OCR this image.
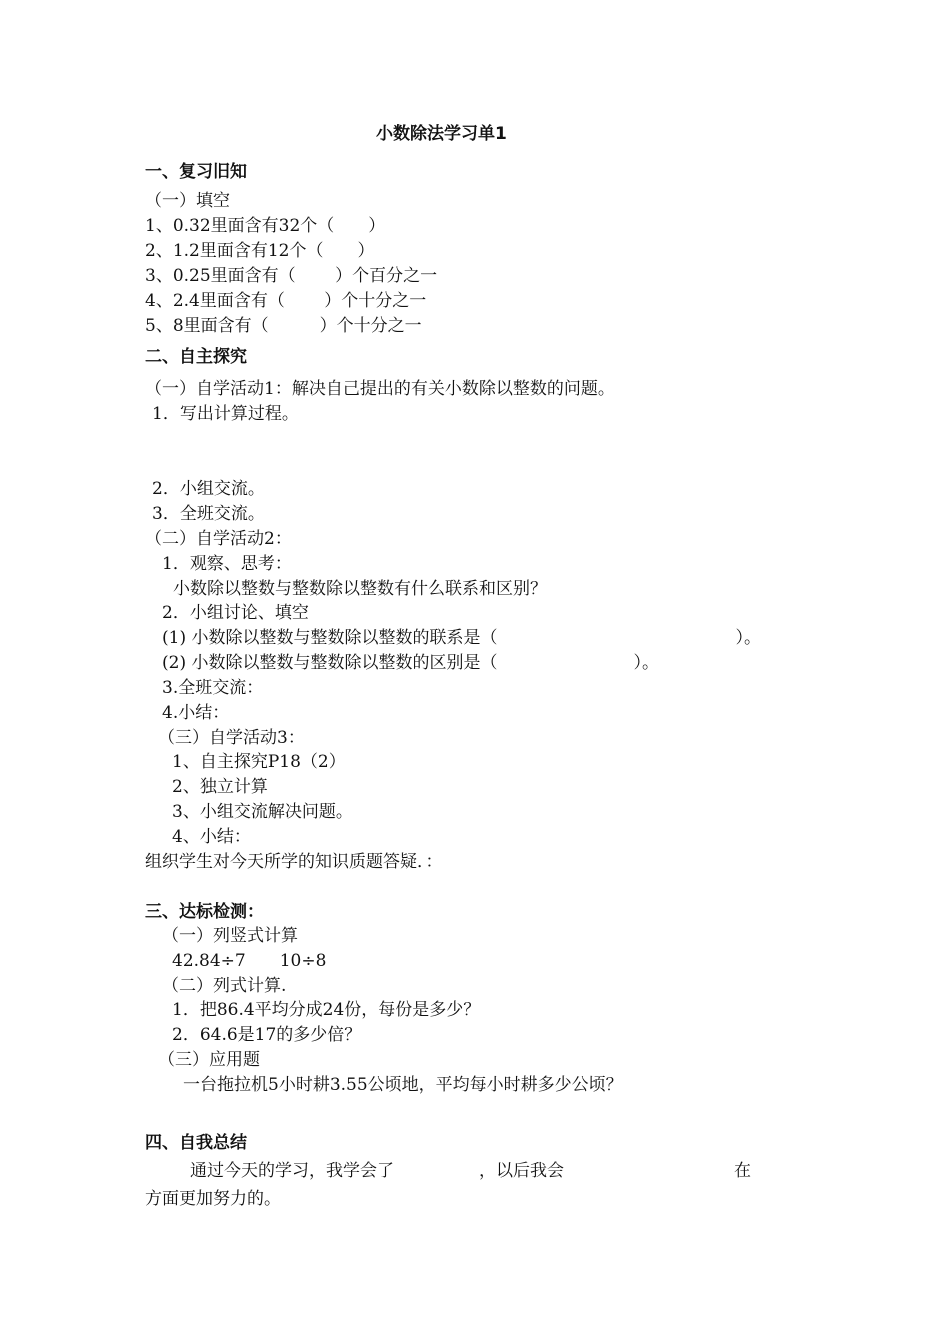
小数除法学习单1
一、复习旧知
（一）填空
1、0.32里面含有32个（　　）
2、1.2里面含有12个（　　）
3、0.25里面含有（　　 ）个百分之一
4、2.4里面含有（　　 ）个十分之一
5、8里面含有（　　　）个十分之一
二、自主探究
（一）自学活动1：解决自己提出的有关小数除以整数的问题。
1．写出计算过程。
2．小组交流。
3．全班交流。
（二）自学活动2：
1．观察、思考：
小数除以整数与整数除以整数有什么联系和区别？
2．小组讨论、填空
(1) 小数除以整数与整数除以整数的联系是（　　　　　　　　　　　　　　）。
(2) 小数除以整数与整数除以整数的区别是（　　　　　　　　）。
3.全班交流：
4.小结：
（三）自学活动3：
1、自主探究P18（2）
2、独立计算
3、小组交流解决问题。
4、小结：
组织学生对今天所学的知识质题答疑．：
三、达标检测：
（一）列竖式计算
42.84÷7　　10÷8
（二）列式计算.
1．把86.4平均分成24份，每份是多少？
2．64.6是17的多少倍？
（三）应用题
一台拖拉机5小时耕3.55公顷地，平均每小时耕多少公顷？
四、自我总结
通过今天的学习，我学会了　　　　　，以后我会　　　　　　　　　　在
方面更加努力的。
